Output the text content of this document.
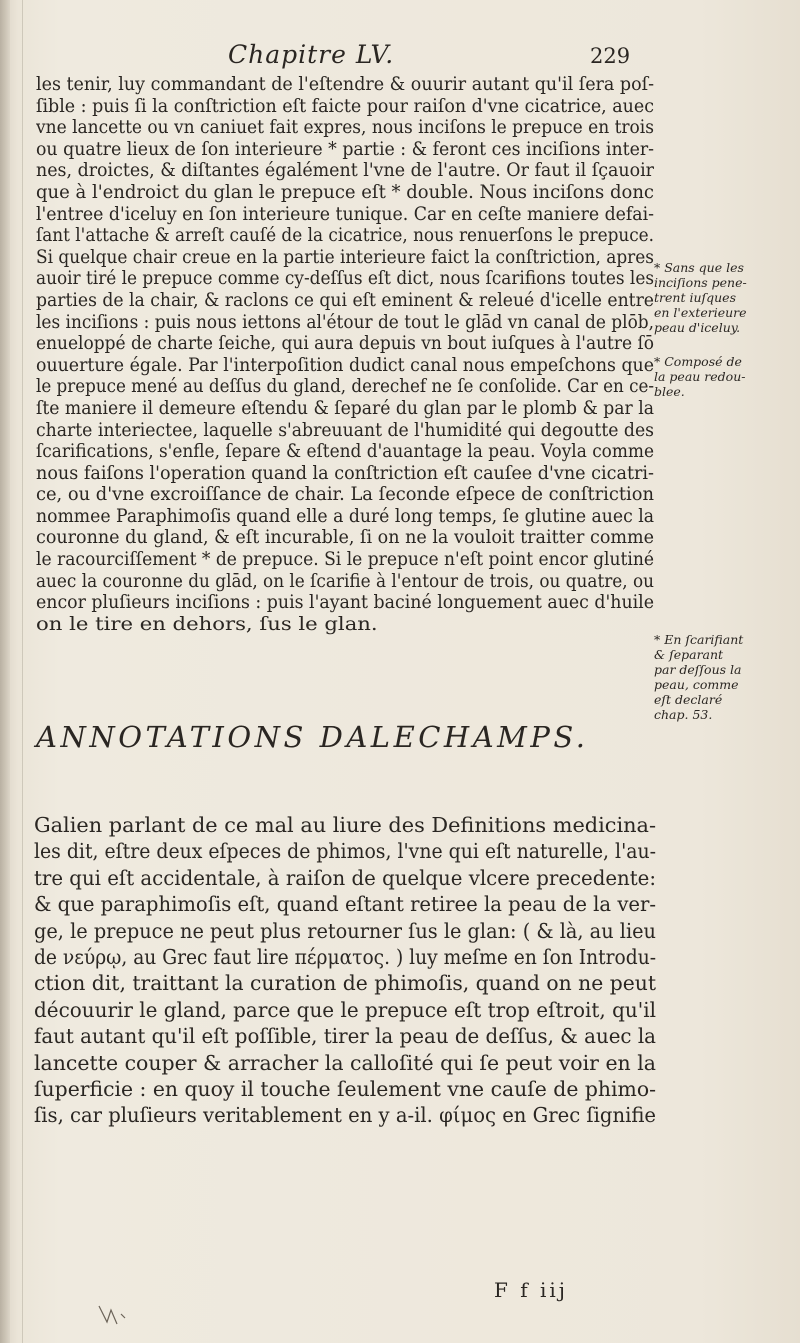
Chapitre LV.	229
les tenir, luy commandant de l'eſtendre & ouurir autant qu'il ſera poſ-
ſible : puis ſi la conſtriction eſt faicte pour raiſon d'vne cicatrice, auec
vne lancette ou vn caniuet fait expres, nous inciſons le prepuce en trois
ou quatre lieux de ſon interieure * partie : & feront ces inciſions inter-
nes, droictes, & diſtantes égalément l'vne de l'autre. Or faut il ſçauoir
que à l'endroict du glan le prepuce eſt * double. Nous inciſons donc
l'entree d'iceluy en ſon interieure tunique. Car en ceſte maniere defai-
ſant l'attache & arreſt cauſé de la cicatrice, nous renuerſons le prepuce.
Si quelque chair creue en la partie interieure faict la conſtriction, apres
auoir tiré le prepuce comme cy-deſſus eſt dict, nous ſcarifions toutes les
parties de la chair, & raclons ce qui eſt eminent & releué d'icelle entre
les inciſions : puis nous iettons al'étour de tout le glād vn canal de plōb,
enueloppé de charte ſeiche, qui aura depuis vn bout iuſques à l'autre ſō
ouuerture égale. Par l'interpoſition dudict canal nous empeſchons que
le prepuce mené au deſſus du gland, derechef ne ſe conſolide. Car en ce-
ſte maniere il demeure eſtendu & ſeparé du glan par le plomb & par la
charte interiectee, laquelle s'abreuuant de l'humidité qui degoutte des
ſcarifications, s'enfle, ſepare & eſtend d'auantage la peau. Voyla comme
nous faiſons l'operation quand la conſtriction eſt cauſee d'vne cicatri-
ce, ou d'vne excroiſſance de chair. La ſeconde eſpece de conſtriction
nommee Paraphimoſis quand elle a duré long temps, ſe glutine auec la
couronne du gland, & eſt incurable, ſi on ne la vouloit traitter comme
le racourciſſement * de prepuce. Si le prepuce n'eſt point encor glutiné
auec la couronne du glād, on le ſcarifie à l'entour de trois, ou quatre, ou
encor pluſieurs inciſions : puis l'ayant baciné longuement auec d'huile
on le tire en dehors, ſus le glan.
* Sans que les
inciſions pene-
trent iuſques
en l'exterieure
peau d'iceluy.
* Composé de
la peau redou-
blee.
* En ſcarifiant
& ſeparant
par deſſous la
peau, comme
eſt declaré
chap. 53.
ANNOTATIONS DALECHAMPS.
Galien parlant de ce mal au liure des Definitions medicina-
les dit, eſtre deux eſpeces de phimos, l'vne qui eſt naturelle, l'au-
tre qui eſt accidentale, à raiſon de quelque vlcere precedente:
& que paraphimoſis eſt, quand eſtant retiree la peau de la ver-
ge, le prepuce ne peut plus retourner ſus le glan: ( & là, au lieu
de νεύρῳ, au Grec faut lire πέρματος. ) luy meſme en ſon Introdu-
ction dit, traittant la curation de phimoſis, quand on ne peut
découurir le gland, parce que le prepuce eſt trop eſtroit, qu'il
faut autant qu'il eſt poſſible, tirer la peau de deſſus, & auec la
lancette couper & arracher la calloſité qui ſe peut voir en la
ſuperficie : en quoy il touche ſeulement vne cauſe de phimo-
ſis, car pluſieurs veritablement en y a-il. φίμος en Grec ſignifie
F f iij
